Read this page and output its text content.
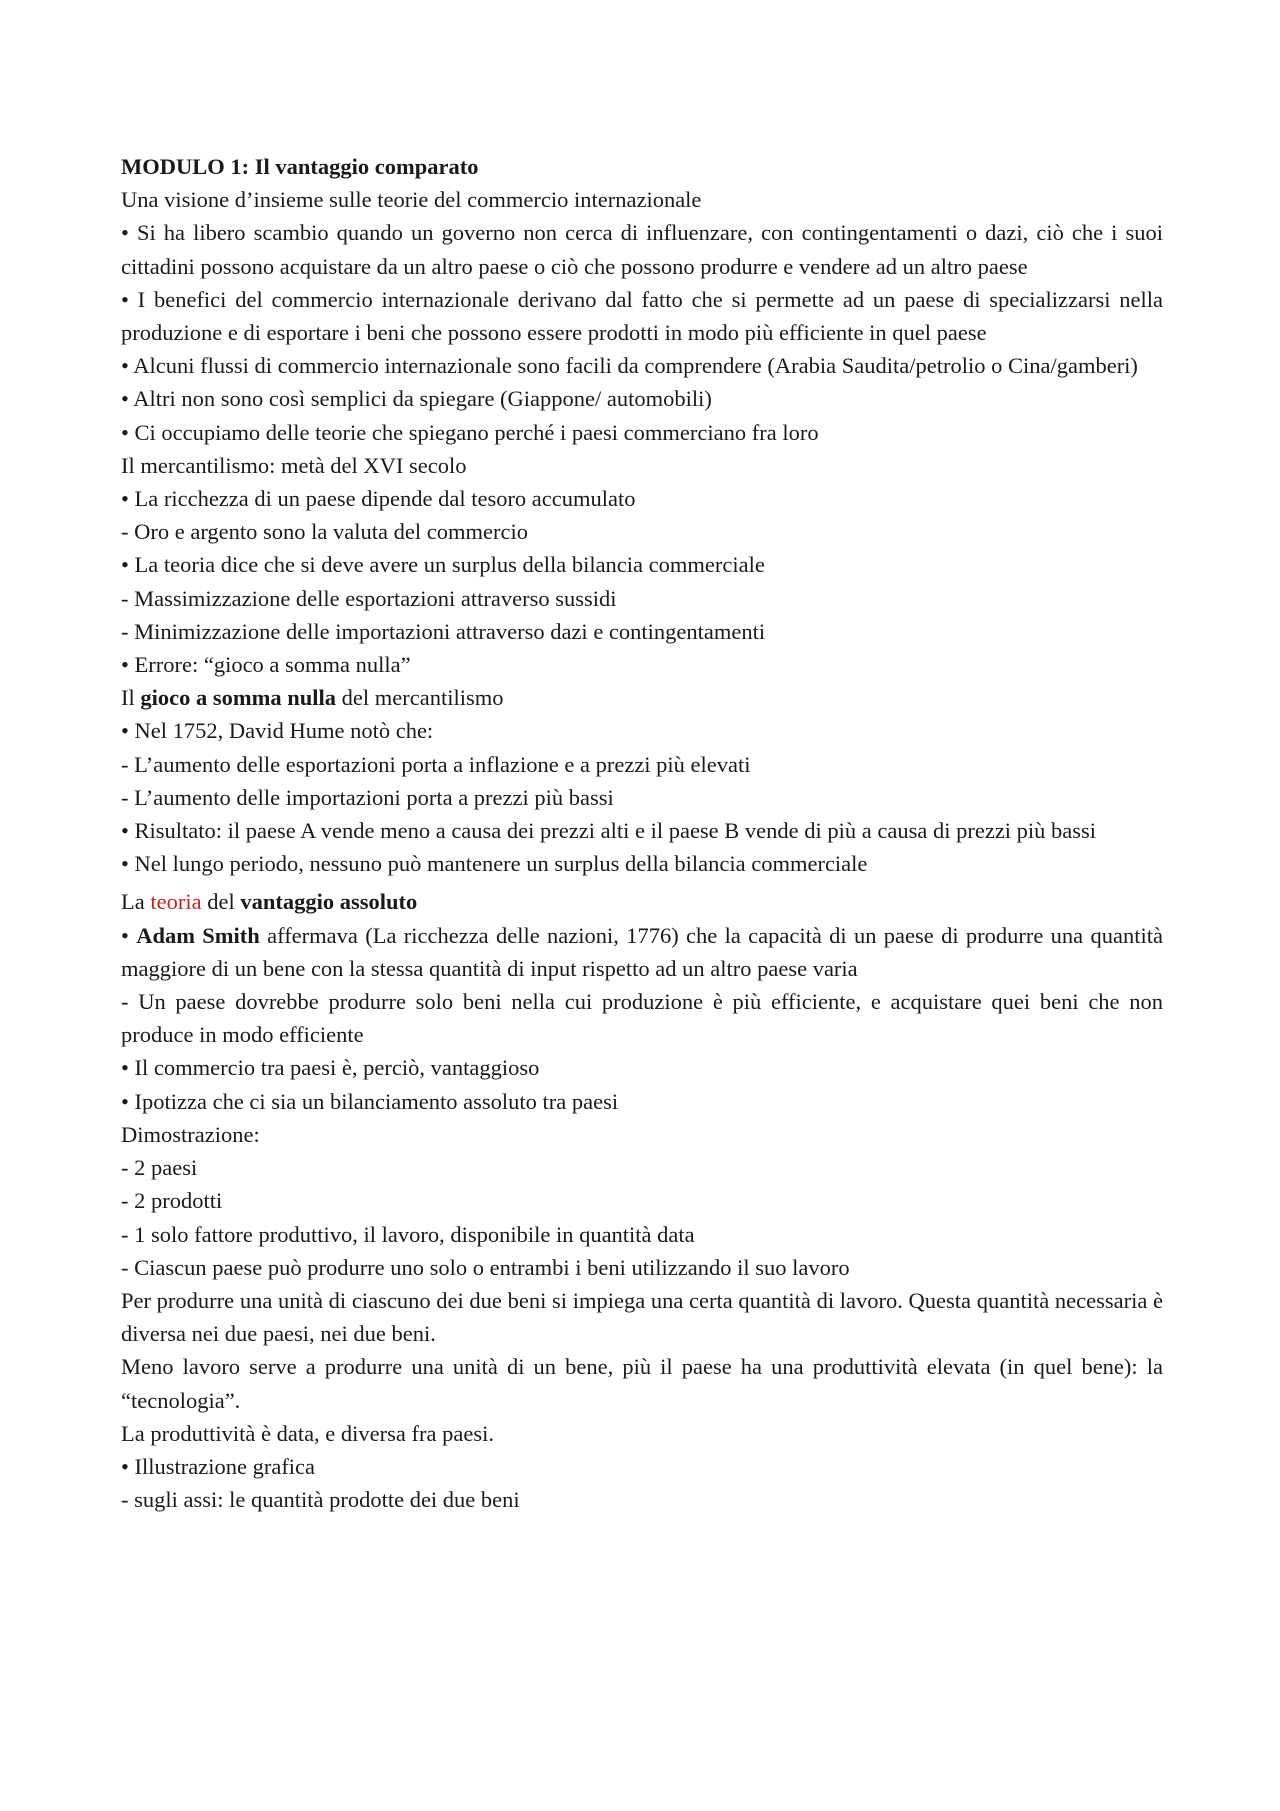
MODULO 1: Il vantaggio comparato

Una visione d’insieme sulle teorie del commercio internazionale

• Si ha libero scambio quando un governo non cerca di influenzare, con contingentamenti o dazi, ciò che i suoi cittadini possono acquistare da un altro paese o ciò che possono produrre e vendere ad un altro paese

• I benefici del commercio internazionale derivano dal fatto che si permette ad un paese di specializzarsi nella produzione e di esportare i beni che possono essere prodotti in modo più efficiente in quel paese

• Alcuni flussi di commercio internazionale sono facili da comprendere (Arabia Saudita/petrolio o Cina/gamberi)

• Altri non sono così semplici da spiegare (Giappone/ automobili)

• Ci occupiamo delle teorie che spiegano perché i paesi commerciano fra loro

Il mercantilismo: metà del XVI secolo

• La ricchezza di un paese dipende dal tesoro accumulato

- Oro e argento sono la valuta del commercio

• La teoria dice che si deve avere un surplus della bilancia commerciale

- Massimizzazione delle esportazioni attraverso sussidi

- Minimizzazione delle importazioni attraverso dazi e contingentamenti

• Errore: “gioco a somma nulla”

Il gioco a somma nulla del mercantilismo

• Nel 1752, David Hume notò che:

- L’aumento delle esportazioni porta a inflazione e a prezzi più elevati

- L’aumento delle importazioni porta a prezzi più bassi

• Risultato: il paese A vende meno a causa dei prezzi alti e il paese B vende di più a causa di prezzi più bassi

• Nel lungo periodo, nessuno può mantenere un surplus della bilancia commerciale

La teoria del vantaggio assoluto

• Adam Smith affermava (La ricchezza delle nazioni, 1776) che la capacità di un paese di produrre una quantità maggiore di un bene con la stessa quantità di input rispetto ad un altro paese varia

- Un paese dovrebbe produrre solo beni nella cui produzione è più efficiente, e acquistare quei beni che non produce in modo efficiente

• Il commercio tra paesi è, perciò, vantaggioso

• Ipotizza che ci sia un bilanciamento assoluto tra paesi

Dimostrazione:

- 2 paesi

- 2 prodotti

- 1 solo fattore produttivo, il lavoro, disponibile in quantità data

- Ciascun paese può produrre uno solo o entrambi i beni utilizzando il suo lavoro

Per produrre una unità di ciascuno dei due beni si impiega una certa quantità di lavoro. Questa quantità necessaria è diversa nei due paesi, nei due beni.

Meno lavoro serve a produrre una unità di un bene, più il paese ha una produttività elevata (in quel bene): la “tecnologia”.

La produttività è data, e diversa fra paesi.

• Illustrazione grafica

- sugli assi: le quantità prodotte dei due beni
